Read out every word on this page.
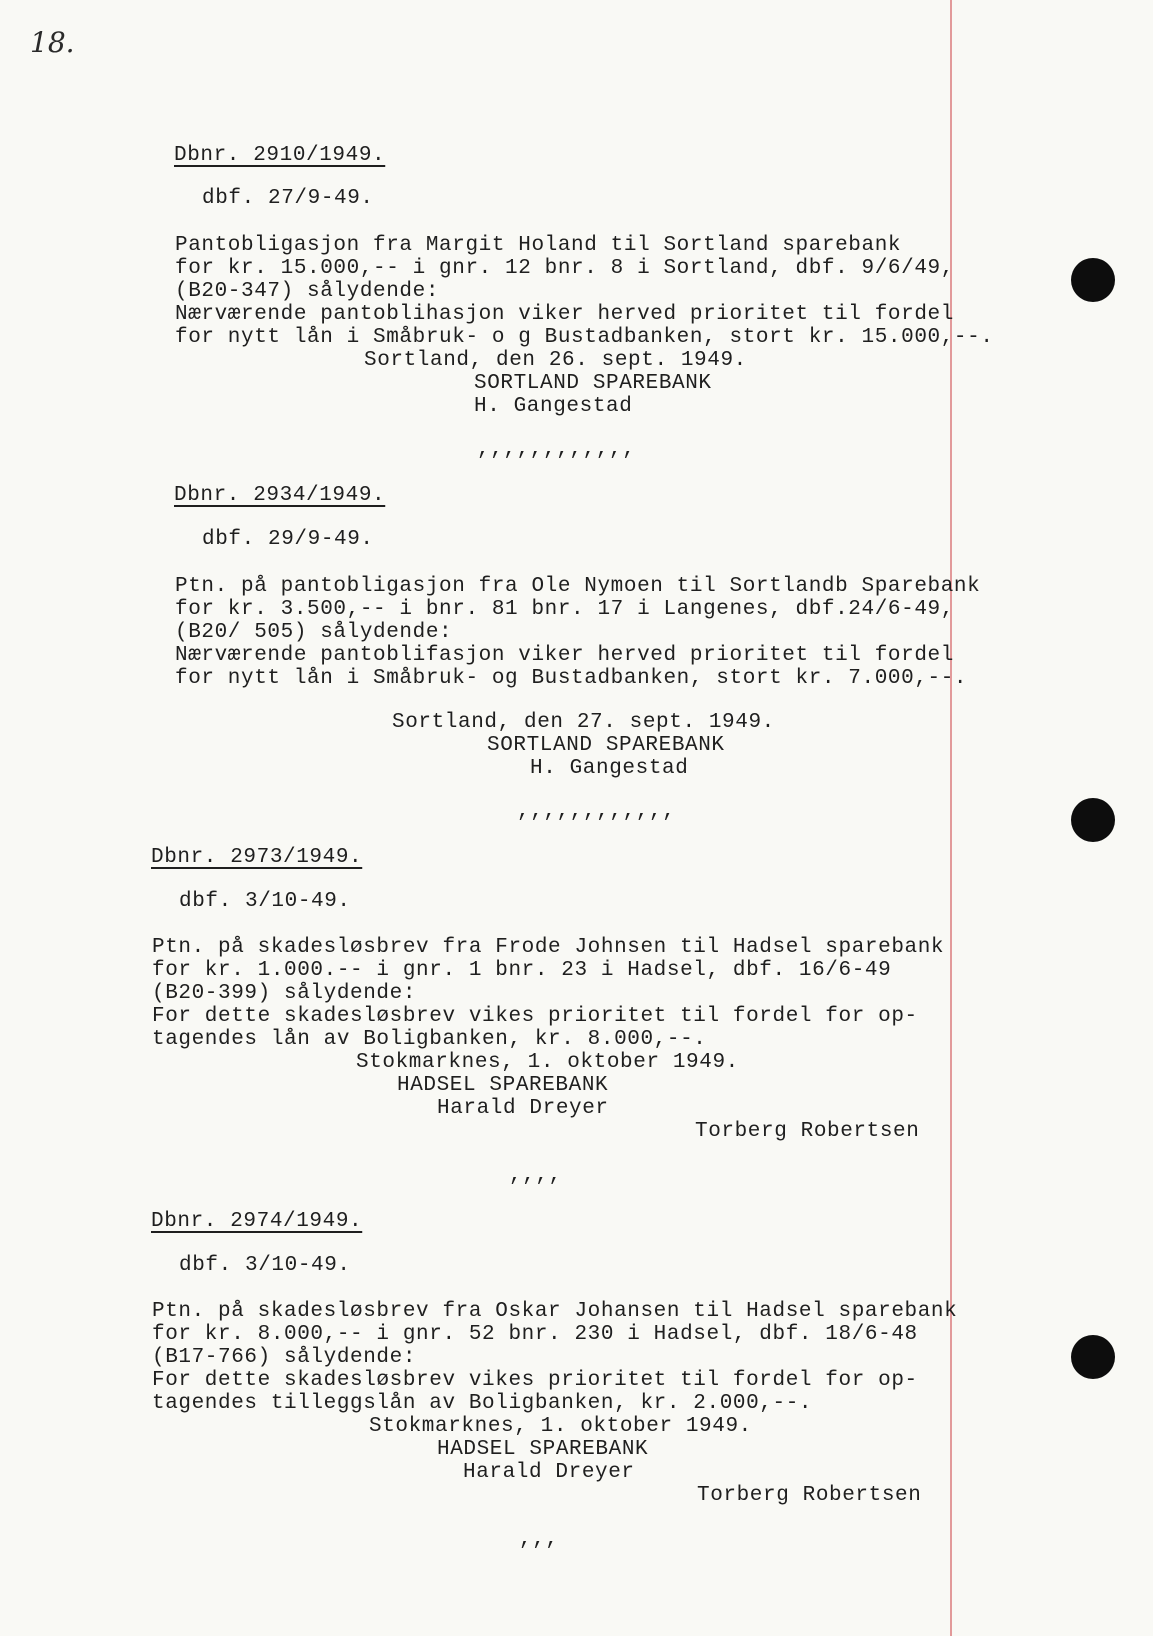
18.
Dbnr. 2910/1949.
dbf. 27/9-49.
Pantobligasjon fra Margit Holand til Sortland sparebank
for kr. 15.000,-- i gnr. 12 bnr. 8 i Sortland, dbf. 9/6/49,
(B20-347) sålydende:
Nærværende pantoblihasjon viker herved prioritet til fordel
for nytt lån i Småbruk- o g Bustadbanken, stort kr. 15.000,--.
Sortland, den 26. sept. 1949.
SORTLAND SPAREBANK
H. Gangestad
,,,,,,,,,,,,
Dbnr. 2934/1949.
dbf. 29/9-49.
Ptn. på pantobligasjon fra Ole Nymoen til Sortlandb Sparebank
for kr. 3.500,-- i bnr. 81 bnr. 17 i Langenes, dbf.24/6-49,
(B20/ 505) sålydende:
Nærværende pantoblifasjon viker herved prioritet til fordel
for nytt lån i Småbruk- og Bustadbanken, stort kr. 7.000,--.
Sortland, den 27. sept. 1949.
SORTLAND SPAREBANK
H. Gangestad
,,,,,,,,,,,,
Dbnr. 2973/1949.
dbf. 3/10-49.
Ptn. på skadesløsbrev fra Frode Johnsen til Hadsel sparebank
for kr. 1.000.-- i gnr. 1 bnr. 23 i Hadsel, dbf. 16/6-49
(B20-399) sålydende:
For dette skadesløsbrev vikes prioritet til fordel for op-
tagendes lån av Boligbanken, kr. 8.000,--.
Stokmarknes, 1. oktober 1949.
HADSEL SPAREBANK
Harald Dreyer
Torberg Robertsen
,,,,
Dbnr. 2974/1949.
dbf. 3/10-49.
Ptn. på skadesløsbrev fra Oskar Johansen til Hadsel sparebank
for kr. 8.000,-- i gnr. 52 bnr. 230 i Hadsel, dbf. 18/6-48
(B17-766) sålydende:
For dette skadesløsbrev vikes prioritet til fordel for op-
tagendes tilleggslån av Boligbanken, kr. 2.000,--.
Stokmarknes, 1. oktober 1949.
HADSEL SPAREBANK
Harald Dreyer
Torberg Robertsen
,,,
